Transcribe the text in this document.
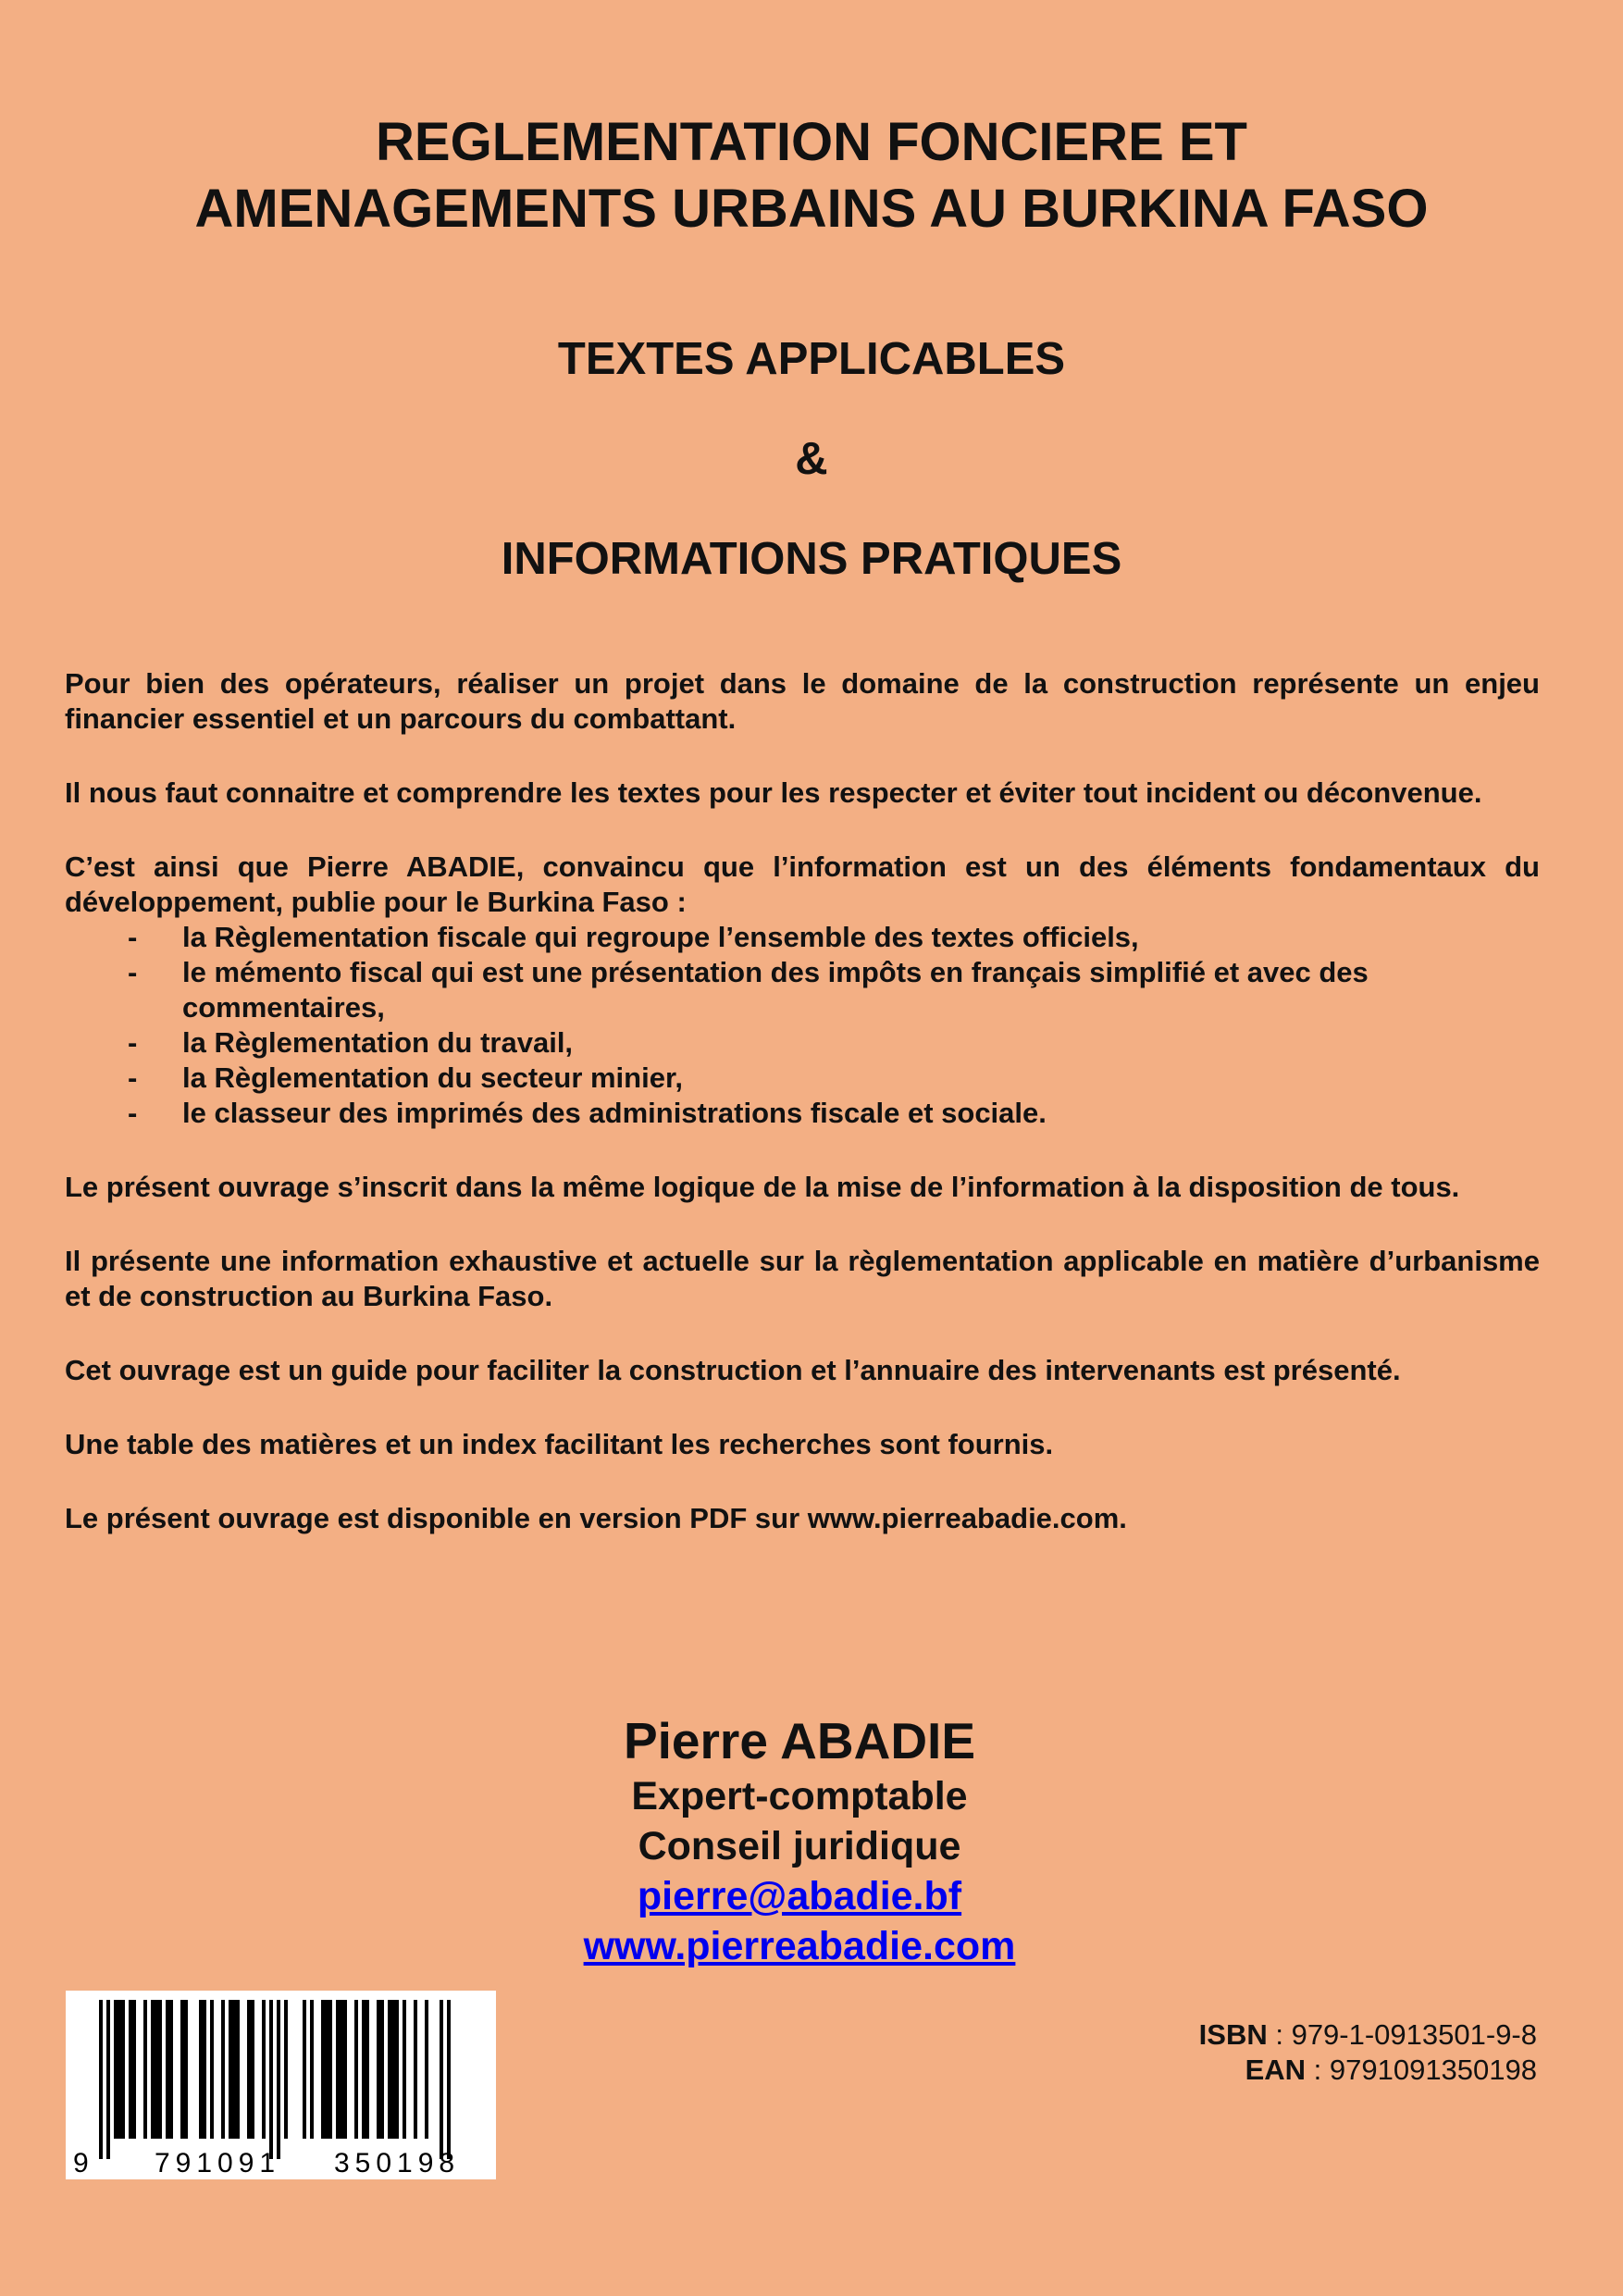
REGLEMENTATION FONCIERE ET
AMENAGEMENTS URBAINS AU BURKINA FASO
TEXTES APPLICABLES
&
INFORMATIONS PRATIQUES

Pour bien des opérateurs, réaliser un projet dans le domaine de la construction représente un enjeu financier essentiel et un parcours du combattant.

Il nous faut connaitre et comprendre les textes pour les respecter et éviter tout incident ou déconvenue.

C’est ainsi que Pierre ABADIE, convaincu que l’information est un des éléments fondamentaux du développement, publie pour le Burkina Faso :

- la Règlementation fiscale qui regroupe l’ensemble des textes officiels,
- le mémento fiscal qui est une présentation des impôts en français simplifié et avec des commentaires,
- la Règlementation du travail,
- la Règlementation du secteur minier,
- le classeur des imprimés des administrations fiscale et sociale.

Le présent ouvrage s’inscrit dans la même logique de la mise de l’information à la disposition de tous.

Il présente une information exhaustive et actuelle sur la règlementation applicable en matière d’urbanisme et de construction au Burkina Faso.

Cet ouvrage est un guide pour faciliter la construction et l’annuaire des intervenants est présenté.

Une table des matières et un index facilitant les recherches sont fournis.

Le présent ouvrage est disponible en version PDF sur www.pierreabadie.com.

Pierre ABADIE
Expert-comptable
Conseil juridique
pierre@abadie.bf
www.pierreabadie.com
9 791091 350198
ISBN : 979-1-0913501-9-8
EAN : 9791091350198
